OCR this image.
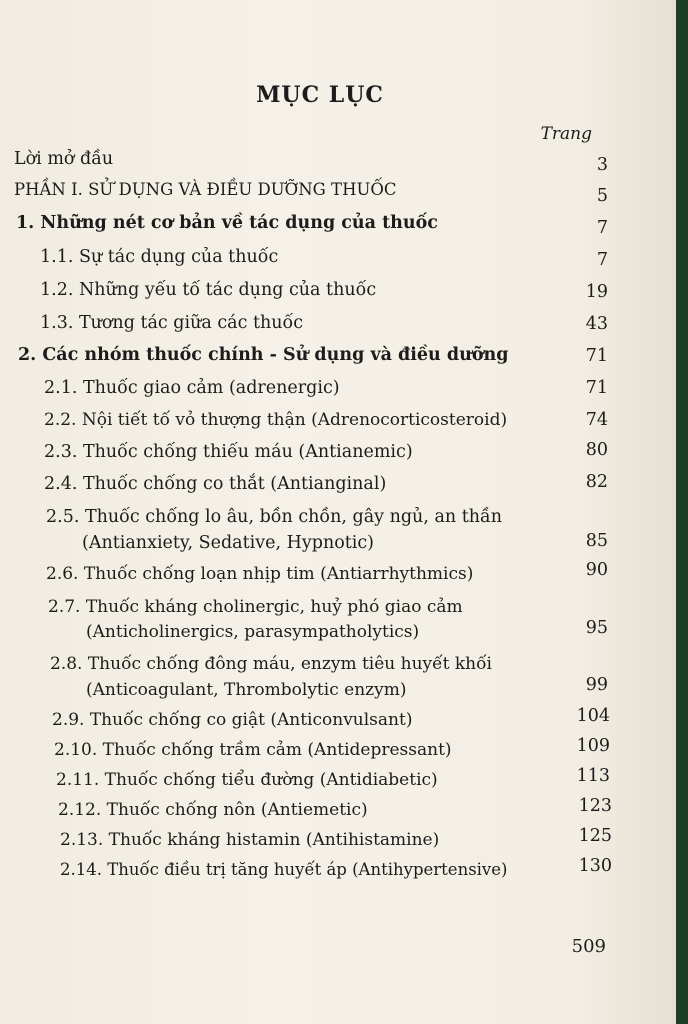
MỤC LỤC
Trang
Lời mở đầu	3
PHẦN I. SỬ DỤNG VÀ ĐIỀU DƯỠNG THUỐC	5
1. Những nét cơ bản về tác dụng của thuốc	7
1.1. Sự tác dụng của thuốc	7
1.2. Những yếu tố tác dụng của thuốc	19
1.3. Tương tác giữa các thuốc	43
2. Các nhóm thuốc chính - Sử dụng và điều dưỡng	71
2.1. Thuốc giao cảm (adrenergic)	71
2.2. Nội tiết tố vỏ thượng thận (Adrenocorticosteroid)	74
2.3. Thuốc chống thiếu máu (Antianemic)	80
2.4. Thuốc chống co thắt (Antianginal)	82
2.5. Thuốc chống lo âu, bồn chồn, gây ngủ, an thần
(Antianxiety, Sedative, Hypnotic)	85
2.6. Thuốc chống loạn nhịp tim (Antiarrhythmics)	90
2.7. Thuốc kháng cholinergic, huỷ phó giao cảm
(Anticholinergics, parasympatholytics)	95
2.8. Thuốc chống đông máu, enzym tiêu huyết khối
(Anticoagulant, Thrombolytic enzym)	99
2.9. Thuốc chống co giật (Anticonvulsant)	104
2.10. Thuốc chống trầm cảm (Antidepressant)	109
2.11. Thuốc chống tiểu đường (Antidiabetic)	113
2.12. Thuốc chống nôn (Antiemetic)	123
2.13. Thuốc kháng histamin (Antihistamine)	125
2.14. Thuốc điều trị tăng huyết áp (Antihypertensive)	130
509
